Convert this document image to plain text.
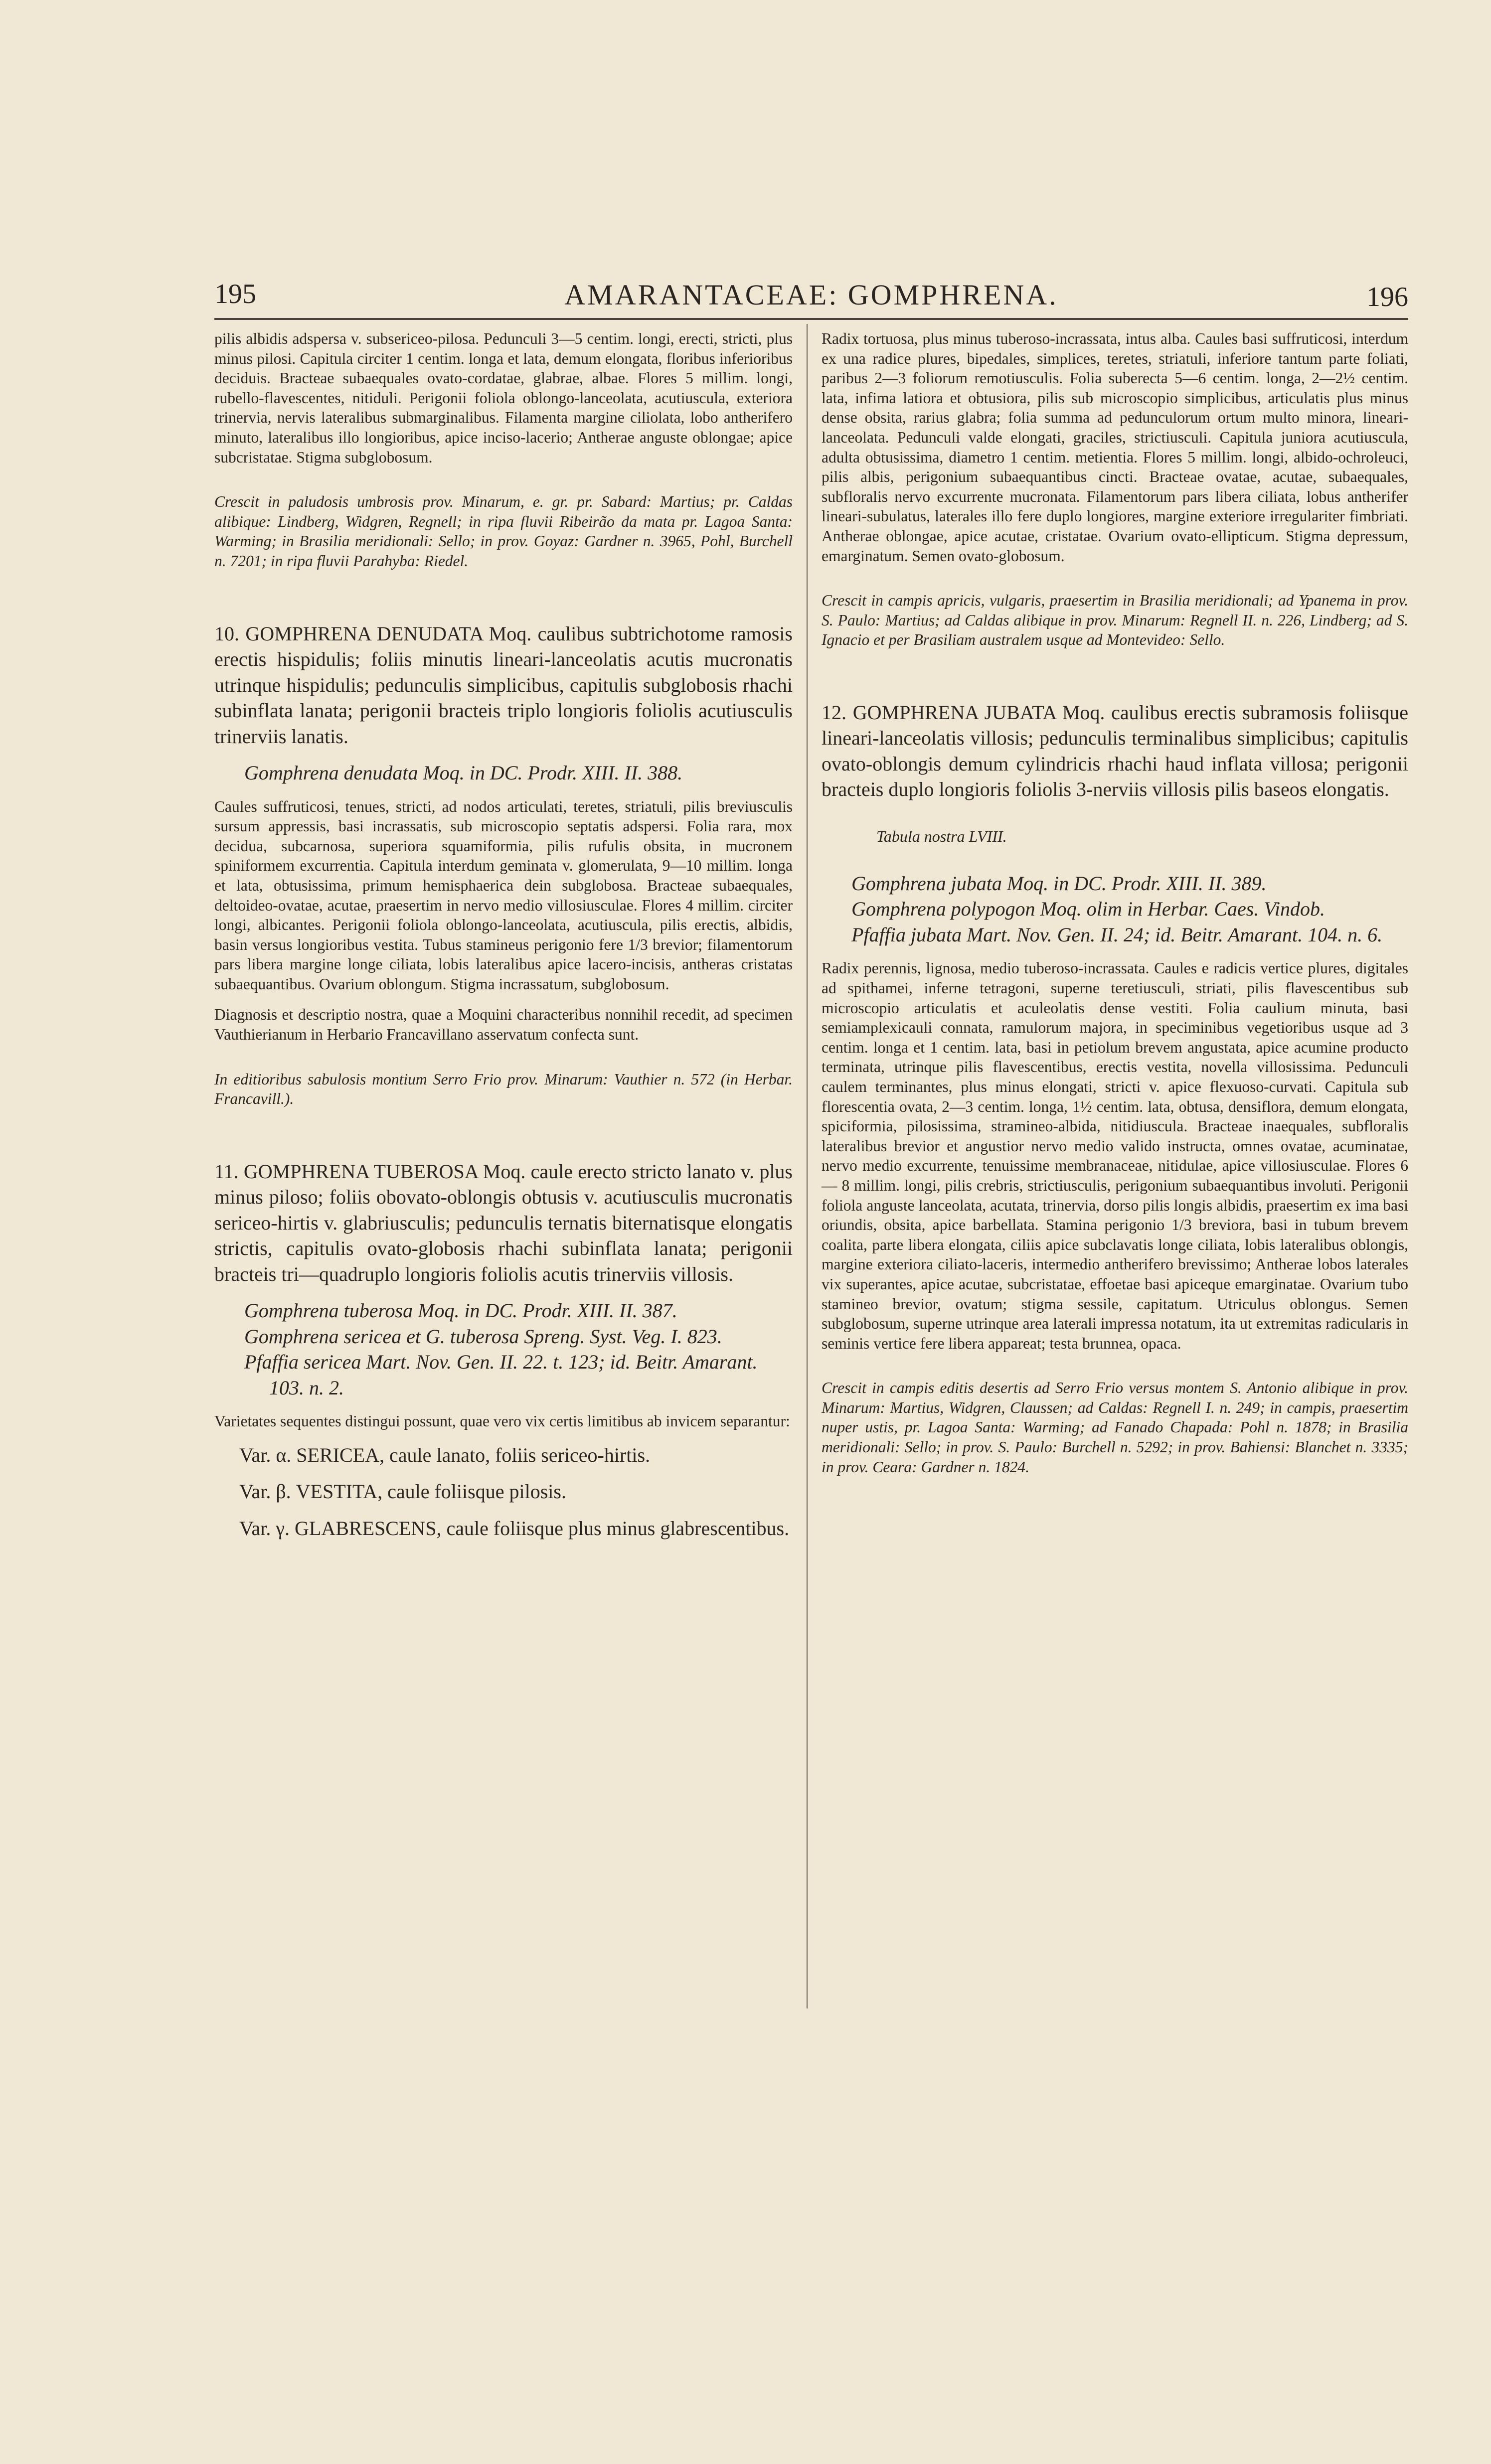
195	AMARANTACEAE: GOMPHRENA.	196

pilis albidis adspersa v. subsericeo-pilosa. Pedunculi 3—5 centim. longi, erecti, stricti, plus minus pilosi. Capitula circiter 1 centim. longa et lata, demum elongata, floribus inferioribus deciduis. Bracteae subaequales ovato-cordatae, glabrae, albae. Flores 5 millim. longi, rubello-flavescentes, nitiduli. Perigonii foliola oblongo-lanceolata, acutiuscula, exteriora trinervia, nervis lateralibus submarginalibus. Filamenta margine ciliolata, lobo antherifero minuto, lateralibus illo longioribus, apice inciso-lacerio; Antherae anguste oblongae; apice subcristatae. Stigma subglobosum.

Crescit in paludosis umbrosis prov. Minarum, e. gr. pr. Sabard: Martius; pr. Caldas alibique: Lindberg, Widgren, Regnell; in ripa fluvii Ribeirão da mata pr. Lagoa Santa: Warming; in Brasilia meridionali: Sello; in prov. Goyaz: Gardner n. 3965, Pohl, Burchell n. 7201; in ripa fluvii Parahyba: Riedel.

10. GOMPHRENA DENUDATA Moq. caulibus subtrichotome ramosis erectis hispidulis; foliis minutis lineari-lanceolatis acutis mucronatis utrinque hispidulis; pedunculis simplicibus, capitulis subglobosis rhachi subinflata lanata; perigonii bracteis triplo longioris foliolis acutiusculis trinerviis lanatis.

Gomphrena denudata Moq. in DC. Prodr. XIII. II. 388.

Caules suffruticosi, tenues, stricti, ad nodos articulati, teretes, striatuli, pilis breviusculis sursum appressis, basi incrassatis, sub microscopio septatis adspersi. Folia rara, mox decidua, subcarnosa, superiora squamiformia, pilis rufulis obsita, in mucronem spiniformem excurrentia. Capitula interdum geminata v. glomerulata, 9—10 millim. longa et lata, obtusissima, primum hemisphaerica dein subglobosa. Bracteae subaequales, deltoideo-ovatae, acutae, praesertim in nervo medio villosiusculae. Flores 4 millim. circiter longi, albicantes. Perigonii foliola oblongo-lanceolata, acutiuscula, pilis erectis, albidis, basin versus longioribus vestita. Tubus stamineus perigonio fere 1/3 brevior; filamentorum pars libera margine longe ciliata, lobis lateralibus apice lacero-incisis, antheras cristatas subaequantibus. Ovarium oblongum. Stigma incrassatum, subglobosum.

Diagnosis et descriptio nostra, quae a Moquini characteribus nonnihil recedit, ad specimen Vauthierianum in Herbario Francavillano asservatum confecta sunt.

In editioribus sabulosis montium Serro Frio prov. Minarum: Vauthier n. 572 (in Herbar. Francavill.).

11. GOMPHRENA TUBEROSA Moq. caule erecto stricto lanato v. plus minus piloso; foliis obovato-oblongis obtusis v. acutiusculis mucronatis sericeo-hirtis v. glabriusculis; pedunculis ternatis biternatisque elongatis strictis, capitulis ovato-globosis rhachi subinflata lanata; perigonii bracteis tri—quadruplo longioris foliolis acutis trinerviis villosis.

Gomphrena tuberosa Moq. in DC. Prodr. XIII. II. 387.

Gomphrena sericea et G. tuberosa Spreng. Syst. Veg. I. 823.

Pfaffia sericea Mart. Nov. Gen. II. 22. t. 123; id. Beitr. Amarant. 103. n. 2.

Varietates sequentes distingui possunt, quae vero vix certis limitibus ab invicem separantur:

Var. α. SERICEA, caule lanato, foliis sericeo-hirtis.

Var. β. VESTITA, caule foliisque pilosis.

Var. γ. GLABRESCENS, caule foliisque plus minus glabrescentibus.

Radix tortuosa, plus minus tuberoso-incrassata, intus alba. Caules basi suffruticosi, interdum ex una radice plures, bipedales, simplices, teretes, striatuli, inferiore tantum parte foliati, paribus 2—3 foliorum remotiusculis. Folia suberecta 5—6 centim. longa, 2—2½ centim. lata, infima latiora et obtusiora, pilis sub microscopio simplicibus, articulatis plus minus dense obsita, rarius glabra; folia summa ad pedunculorum ortum multo minora, lineari-lanceolata. Pedunculi valde elongati, graciles, strictiusculi. Capitula juniora acutiuscula, adulta obtusissima, diametro 1 centim. metientia. Flores 5 millim. longi, albido-ochroleuci, pilis albis, perigonium subaequantibus cincti. Bracteae ovatae, acutae, subaequales, subfloralis nervo excurrente mucronata. Filamentorum pars libera ciliata, lobus antherifer lineari-subulatus, laterales illo fere duplo longiores, margine exteriore irregulariter fimbriati. Antherae oblongae, apice acutae, cristatae. Ovarium ovato-ellipticum. Stigma depressum, emarginatum. Semen ovato-globosum.

Crescit in campis apricis, vulgaris, praesertim in Brasilia meridionali; ad Ypanema in prov. S. Paulo: Martius; ad Caldas alibique in prov. Minarum: Regnell II. n. 226, Lindberg; ad S. Ignacio et per Brasiliam australem usque ad Montevideo: Sello.

12. GOMPHRENA JUBATA Moq. caulibus erectis subramosis foliisque lineari-lanceolatis villosis; pedunculis terminalibus simplicibus; capitulis ovato-oblongis demum cylindricis rhachi haud inflata villosa; perigonii bracteis duplo longioris foliolis 3-nerviis villosis pilis baseos elongatis.

Tabula nostra LVIII.

Gomphrena jubata Moq. in DC. Prodr. XIII. II. 389.

Gomphrena polypogon Moq. olim in Herbar. Caes. Vindob.

Pfaffia jubata Mart. Nov. Gen. II. 24; id. Beitr. Amarant. 104. n. 6.

Radix perennis, lignosa, medio tuberoso-incrassata. Caules e radicis vertice plures, digitales ad spithamei, inferne tetragoni, superne teretiusculi, striati, pilis flavescentibus sub microscopio articulatis et aculeolatis dense vestiti. Folia caulium minuta, basi semiamplexicauli connata, ramulorum majora, in speciminibus vegetioribus usque ad 3 centim. longa et 1 centim. lata, basi in petiolum brevem angustata, apice acumine producto terminata, utrinque pilis flavescentibus, erectis vestita, novella villosissima. Pedunculi caulem terminantes, plus minus elongati, stricti v. apice flexuoso-curvati. Capitula sub florescentia ovata, 2—3 centim. longa, 1½ centim. lata, obtusa, densiflora, demum elongata, spiciformia, pilosissima, stramineo-albida, nitidiuscula. Bracteae inaequales, subfloralis lateralibus brevior et angustior nervo medio valido instructa, omnes ovatae, acuminatae, nervo medio excurrente, tenuissime membranaceae, nitidulae, apice villosiusculae. Flores 6 — 8 millim. longi, pilis crebris, strictiusculis, perigonium subaequantibus involuti. Perigonii foliola anguste lanceolata, acutata, trinervia, dorso pilis longis albidis, praesertim ex ima basi oriundis, obsita, apice barbellata. Stamina perigonio 1/3 breviora, basi in tubum brevem coalita, parte libera elongata, ciliis apice subclavatis longe ciliata, lobis lateralibus oblongis, margine exteriora ciliato-laceris, intermedio antherifero brevissimo; Antherae lobos laterales vix superantes, apice acutae, subcristatae, effoetae basi apiceque emarginatae. Ovarium tubo stamineo brevior, ovatum; stigma sessile, capitatum. Utriculus oblongus. Semen subglobosum, superne utrinque area laterali impressa notatum, ita ut extremitas radicularis in seminis vertice fere libera appareat; testa brunnea, opaca.

Crescit in campis editis desertis ad Serro Frio versus montem S. Antonio alibique in prov. Minarum: Martius, Widgren, Claussen; ad Caldas: Regnell I. n. 249; in campis, praesertim nuper ustis, pr. Lagoa Santa: Warming; ad Fanado Chapada: Pohl n. 1878; in Brasilia meridionali: Sello; in prov. S. Paulo: Burchell n. 5292; in prov. Bahiensi: Blanchet n. 3335; in prov. Ceara: Gardner n. 1824.
